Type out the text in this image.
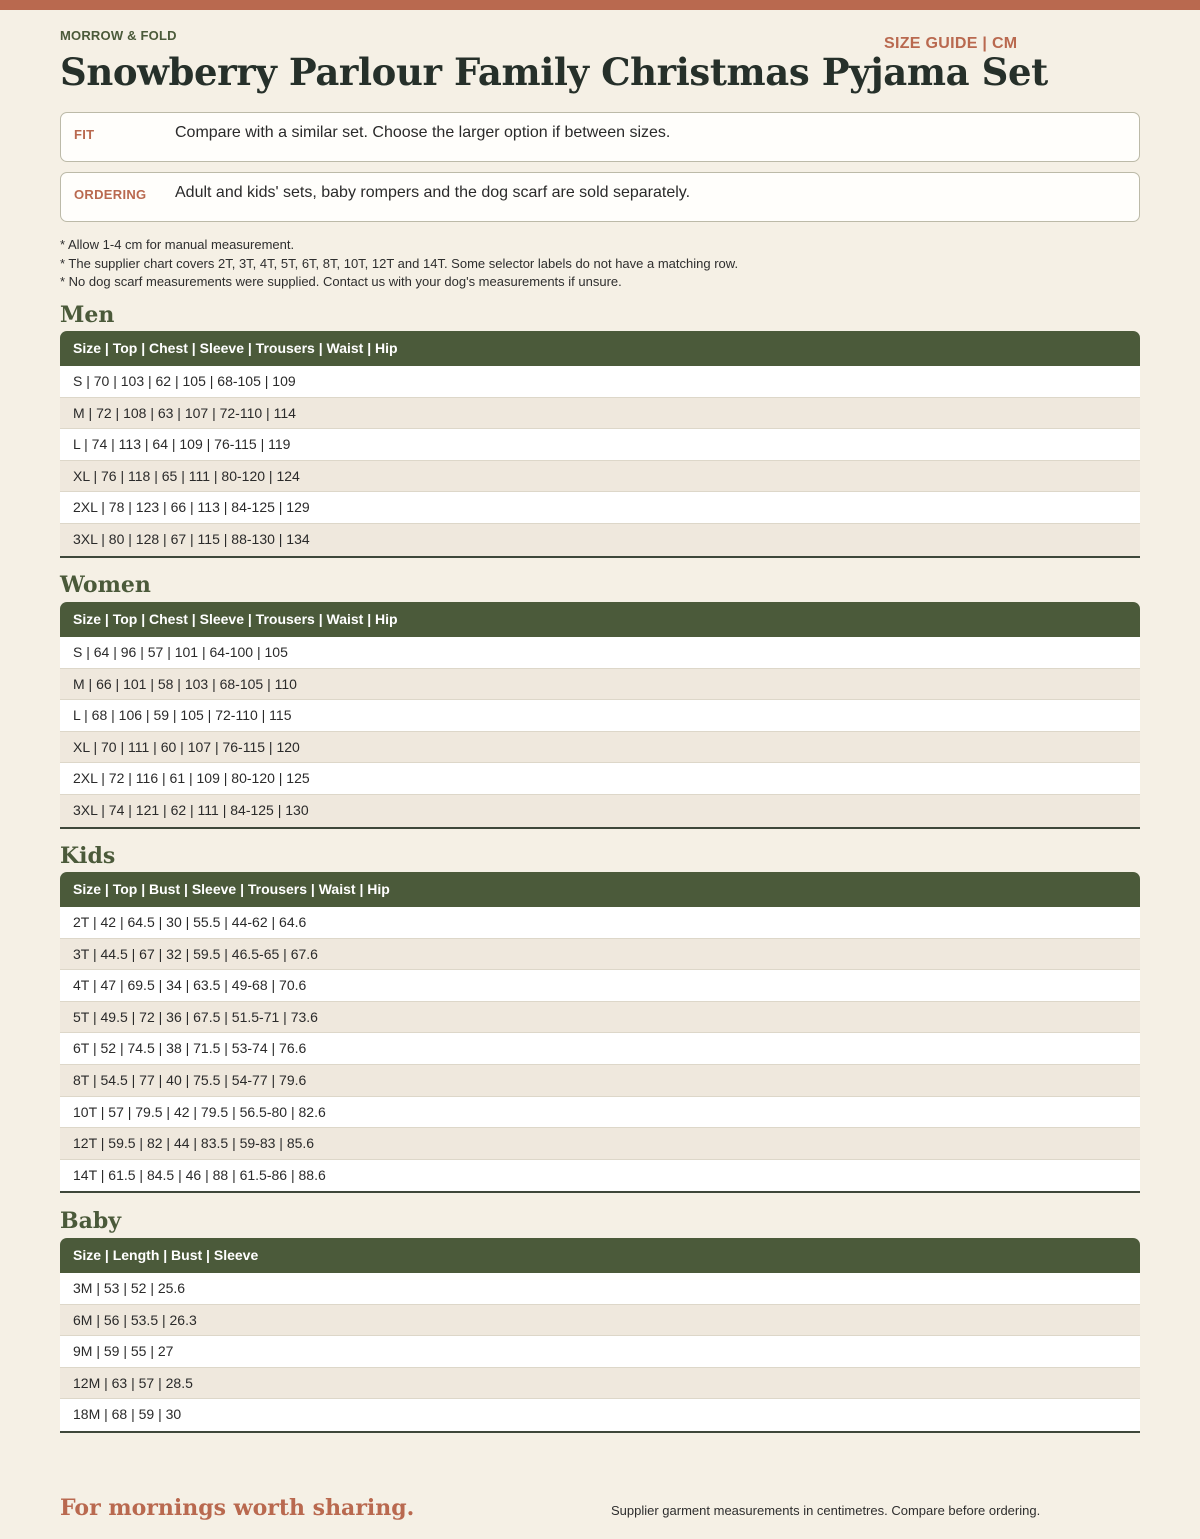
MORROW & FOLD	SIZE GUIDE | CM
Snowberry Parlour Family Christmas Pyjama Set
FIT	Compare with a similar set. Choose the larger option if between sizes.
ORDERING Adult and kids' sets, baby rompers and the dog scarf are sold separately.
* Allow 1-4 cm for manual measurement.
* The supplier chart covers 2T, 3T, 4T, 5T, 6T, 8T, 10T, 12T and 14T. Some selector labels do not have a matching row.
* No dog scarf measurements were supplied. Contact us with your dog's measurements if unsure.
Men
Size | Top | Chest | Sleeve | Trousers | Waist | Hip
S | 70 | 103 | 62 | 105 | 68-105 | 109
M | 72 | 108 | 63 | 107 | 72-110 | 114
L | 74 | 113 | 64 | 109 | 76-115 | 119
XL | 76 | 118 | 65 | 111 | 80-120 | 124
2XL | 78 | 123 | 66 | 113 | 84-125 | 129
3XL | 80 | 128 | 67 | 115 | 88-130 | 134
Women
Size | Top | Chest | Sleeve | Trousers | Waist | Hip
S | 64 | 96 | 57 | 101 | 64-100 | 105
M | 66 | 101 | 58 | 103 | 68-105 | 110
L | 68 | 106 | 59 | 105 | 72-110 | 115
XL | 70 | 111 | 60 | 107 | 76-115 | 120
2XL | 72 | 116 | 61 | 109 | 80-120 | 125
3XL | 74 | 121 | 62 | 111 | 84-125 | 130
Kids
Size | Top | Bust | Sleeve | Trousers | Waist | Hip
2T | 42 | 64.5 | 30 | 55.5 | 44-62 | 64.6
3T | 44.5 | 67 | 32 | 59.5 | 46.5-65 | 67.6
4T | 47 | 69.5 | 34 | 63.5 | 49-68 | 70.6
5T | 49.5 | 72 | 36 | 67.5 | 51.5-71 | 73.6
6T | 52 | 74.5 | 38 | 71.5 | 53-74 | 76.6
8T | 54.5 | 77 | 40 | 75.5 | 54-77 | 79.6
10T | 57 | 79.5 | 42 | 79.5 | 56.5-80 | 82.6
12T | 59.5 | 82 | 44 | 83.5 | 59-83 | 85.6
14T | 61.5 | 84.5 | 46 | 88 | 61.5-86 | 88.6
Baby
Size | Length | Bust | Sleeve
3M | 53 | 52 | 25.6
6M | 56 | 53.5 | 26.3
9M | 59 | 55 | 27
12M | 63 | 57 | 28.5
18M | 68 | 59 | 30
For mornings worth sharing.	Supplier garment measurements in centimetres. Compare before ordering.
